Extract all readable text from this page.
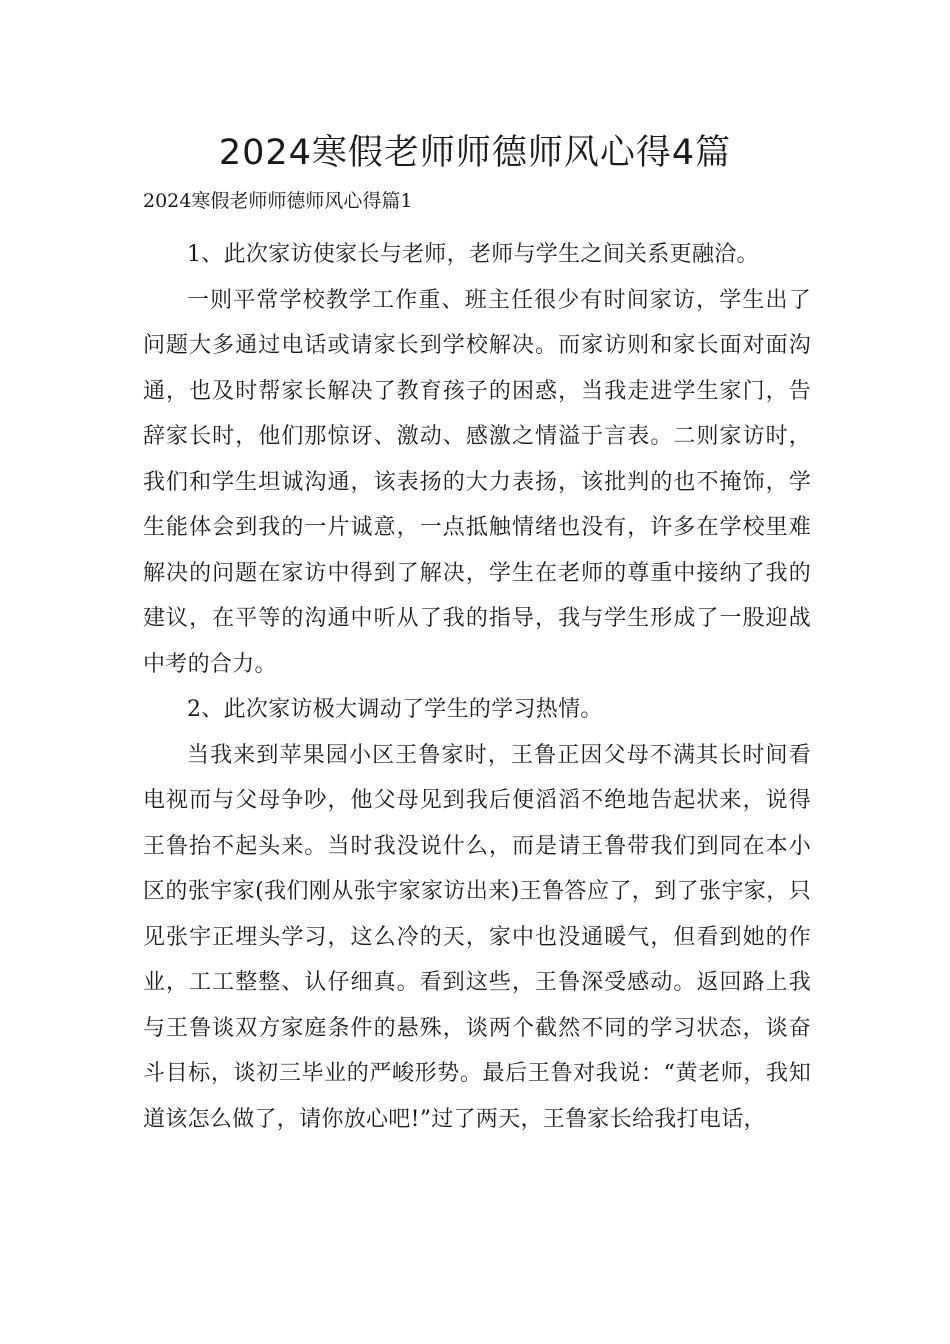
2024寒假老师师德师风心得4篇

2024寒假老师师德师风心得篇1

1、此次家访使家长与老师，老师与学生之间关系更融洽。

一则平常学校教学工作重、班主任很少有时间家访，学生出了问题大多通过电话或请家长到学校解决。而家访则和家长面对面沟通，也及时帮家长解决了教育孩子的困惑，当我走进学生家门，告辞家长时，他们那惊讶、激动、感激之情溢于言表。二则家访时，我们和学生坦诚沟通，该表扬的大力表扬，该批判的也不掩饰，学生能体会到我的一片诚意，一点抵触情绪也没有，许多在学校里难解决的问题在家访中得到了解决，学生在老师的尊重中接纳了我的建议，在平等的沟通中听从了我的指导，我与学生形成了一股迎战中考的合力。

2、此次家访极大调动了学生的学习热情。

当我来到苹果园小区王鲁家时，王鲁正因父母不满其长时间看电视而与父母争吵，他父母见到我后便滔滔不绝地告起状来，说得王鲁抬不起头来。当时我没说什么，而是请王鲁带我们到同在本小区的张宇家(我们刚从张宇家家访出来)王鲁答应了，到了张宇家，只见张宇正埋头学习，这么冷的天，家中也没通暖气，但看到她的作业，工工整整、认仔细真。看到这些，王鲁深受感动。返回路上我与王鲁谈双方家庭条件的悬殊，谈两个截然不同的学习状态，谈奋斗目标，谈初三毕业的严峻形势。最后王鲁对我说：“黄老师，我知道该怎么做了，请你放心吧!”过了两天，王鲁家长给我打电话，
